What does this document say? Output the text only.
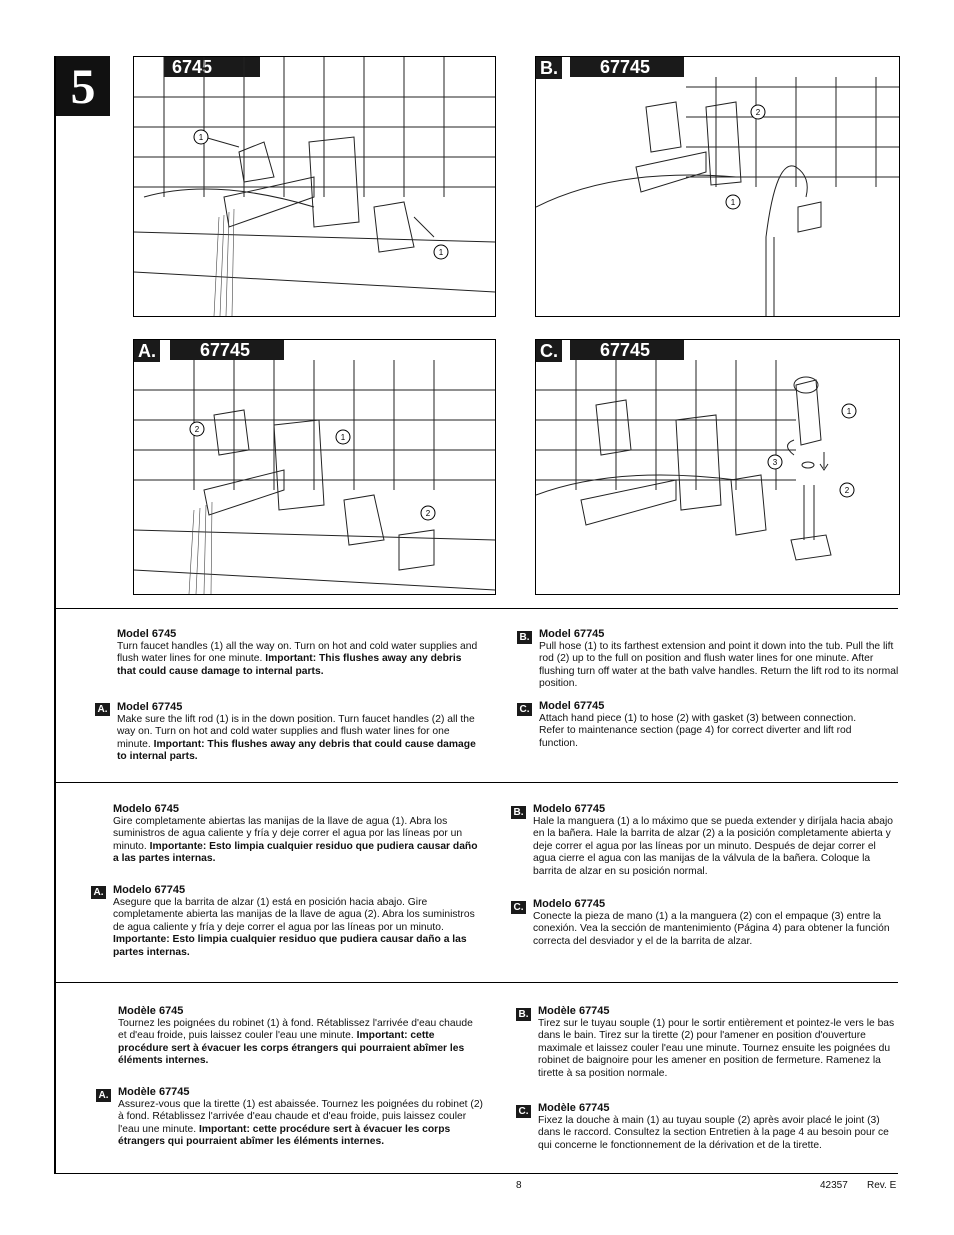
5	6745
1
1
B.	67745
2
1
A.	67745
2
1
2
C.	67745
1
3
2
Model 6745
Turn faucet handles (1) all the way on. Turn on hot and cold water supplies and flush water lines for one minute. Important: This flushes away any debris that could cause damage to internal parts.
A. Model 67745
Make sure the lift rod (1) is in the down position. Turn faucet handles (2) all the way on. Turn on hot and cold water supplies and flush water lines for one minute. Important: This flushes away any debris that could cause damage to internal parts.
B. Model 67745
Pull hose (1) to its farthest extension and point it down into the tub. Pull the lift rod (2) up to the full on position and flush water lines for one minute. After flushing turn off water at the bath valve handles. Return the lift rod to its normal position.
C. Model 67745
Attach hand piece (1) to hose (2) with gasket (3) between connection. Refer to maintenance section (page 4) for correct diverter and lift rod function.
Modelo 6745
Gire completamente abiertas las manijas de la llave de agua (1). Abra los suministros de agua caliente y fría y deje correr el agua por las líneas por un minuto. Importante: Esto limpia cualquier residuo que pudiera causar daño a las partes internas.
A. Modelo 67745
Asegure que la barrita de alzar (1) está en posición hacia abajo. Gire completamente abierta las manijas de la llave de agua (2). Abra los suministros de agua caliente y fría y deje correr el agua por las líneas por un minuto. Importante: Esto limpia cualquier residuo que pudiera causar daño a las partes internas.
B. Modelo 67745
Hale la manguera (1) a lo máximo que se pueda extender y diríjala hacia abajo en la bañera. Hale la barrita de alzar (2) a la posición completamente abierta y deje correr el agua por las líneas por un minuto. Después de dejar correr el agua cierre el agua con las manijas de la válvula de la bañera. Coloque la barrita de alzar en su posición normal.
C. Modelo 67745
Conecte la pieza de mano (1) a la manguera (2) con el empaque (3) entre la conexión. Vea la sección de mantenimiento (Página 4) para obtener la función correcta del desviador y el de la barrita de alzar.
Modèle 6745
Tournez les poignées du robinet (1) à fond. Rétablissez l'arrivée d'eau chaude et d'eau froide, puis laissez couler l'eau une minute. Important: cette procédure sert à évacuer les corps étrangers qui pourraient abîmer les éléments internes.
A. Modèle 67745
Assurez-vous que la tirette (1) est abaissée. Tournez les poignées du robinet (2) à fond. Rétablissez l'arrivée d'eau chaude et d'eau froide, puis laissez couler l'eau une minute. Important: cette procédure sert à évacuer les corps étrangers qui pourraient abîmer les éléments internes.
B. Modèle 67745
Tirez sur le tuyau souple (1) pour le sortir entièrement et pointez-le vers le bas dans le bain. Tirez sur la tirette (2) pour l'amener en position d'ouverture maximale et laissez couler l'eau une minute. Tournez ensuite les poignées du robinet de baignoire pour les amener en position de fermeture. Ramenez la tirette à sa position normale.
C. Modèle 67745
Fixez la douche à main (1) au tuyau souple (2) après avoir placé le joint (3) dans le raccord. Consultez la section Entretien à la page 4 au besoin pour ce qui concerne le fonctionnement de la dérivation et de la tirette.
8	42357 Rev. E
